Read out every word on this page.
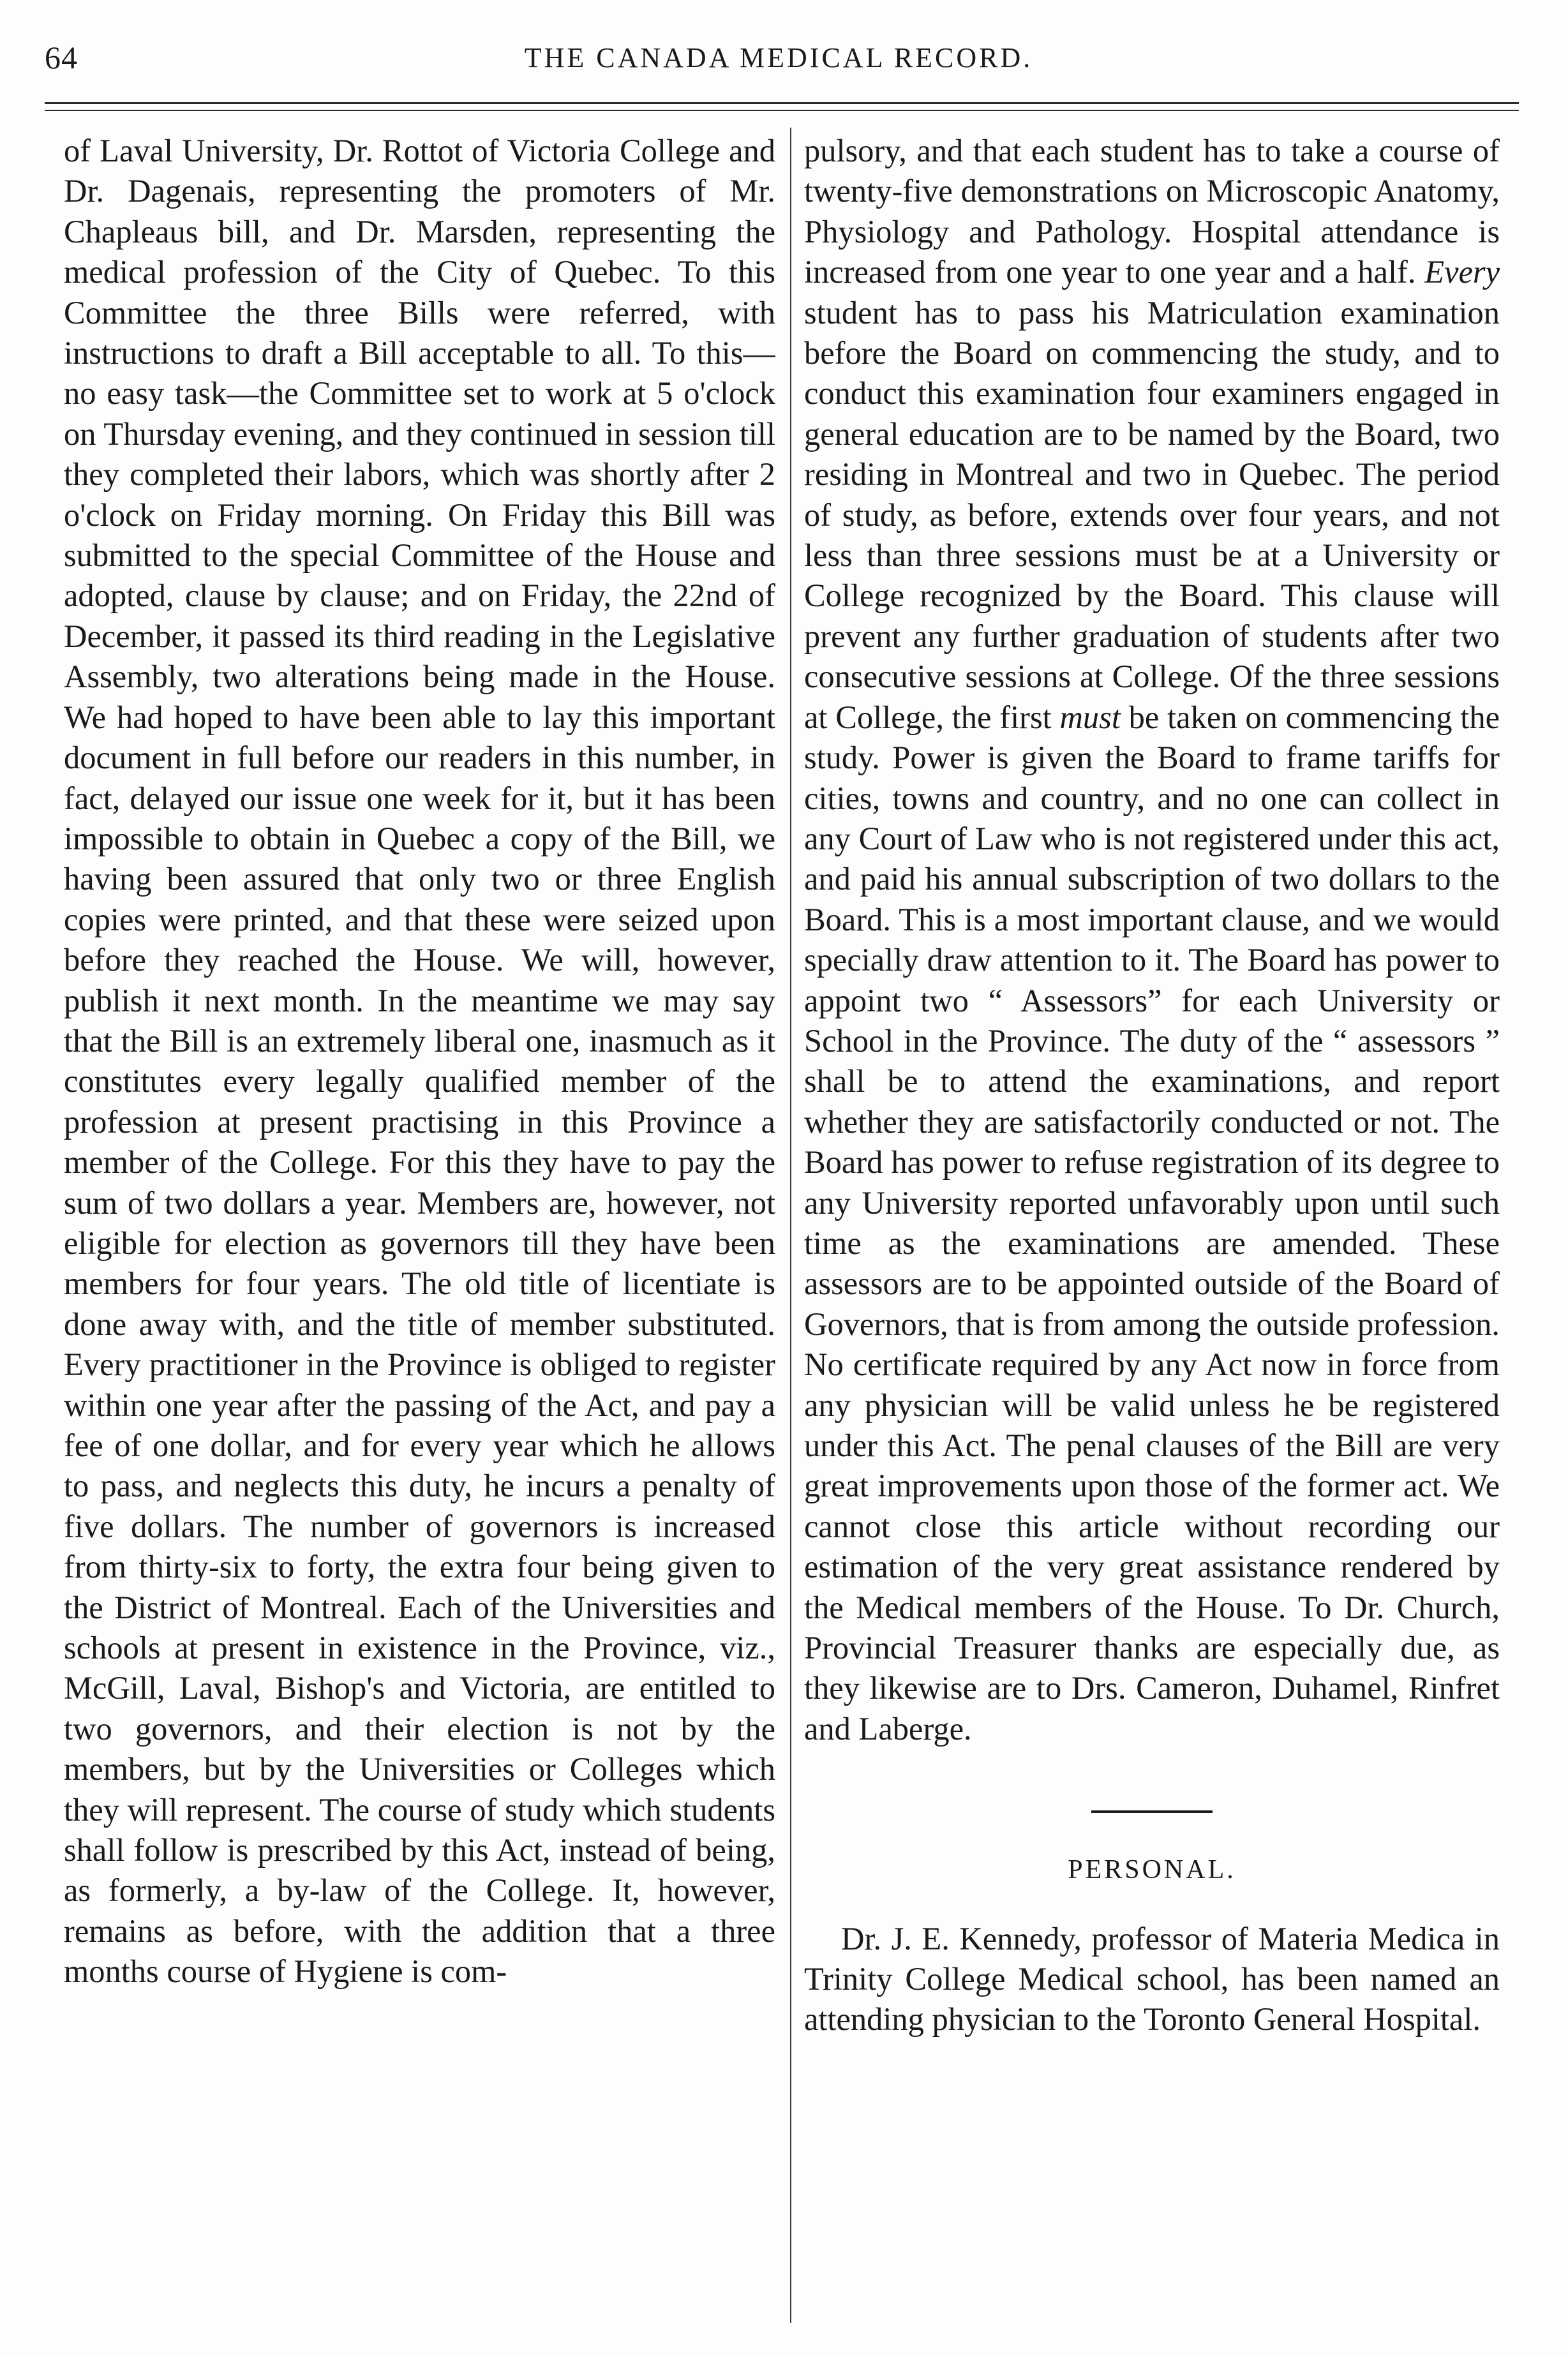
64	THE CANADA MEDICAL RECORD.

of Laval University, Dr. Rottot of Victoria College and Dr. Dagenais, representing the promoters of Mr. Chapleaus bill, and Dr. Marsden, representing the medical profession of the City of Quebec. To this Committee the three Bills were referred, with instructions to draft a Bill acceptable to all. To this—no easy task—the Committee set to work at 5 o'clock on Thursday evening, and they continued in session till they completed their labors, which was shortly after 2 o'clock on Friday morning. On Friday this Bill was submitted to the special Committee of the House and adopted, clause by clause; and on Friday, the 22nd of December, it passed its third reading in the Legislative Assembly, two alterations being made in the House. We had hoped to have been able to lay this important document in full before our readers in this number, in fact, delayed our issue one week for it, but it has been impossible to obtain in Quebec a copy of the Bill, we having been assured that only two or three English copies were printed, and that these were seized upon before they reached the House. We will, however, publish it next month. In the meantime we may say that the Bill is an extremely liberal one, inasmuch as it constitutes every legally qualified member of the profession at present practising in this Province a member of the College. For this they have to pay the sum of two dollars a year. Members are, however, not eligible for election as governors till they have been members for four years. The old title of licentiate is done away with, and the title of member substituted. Every practitioner in the Province is obliged to register within one year after the passing of the Act, and pay a fee of one dollar, and for every year which he allows to pass, and neglects this duty, he incurs a penalty of five dollars. The number of governors is increased from thirty-six to forty, the extra four being given to the District of Montreal. Each of the Universities and schools at present in existence in the Province, viz., McGill, Laval, Bishop's and Victoria, are entitled to two governors, and their election is not by the members, but by the Universities or Colleges which they will represent. The course of study which students shall follow is prescribed by this Act, instead of being, as formerly, a by-law of the College. It, however, remains as before, with the addition that a three months course of Hygiene is com-

pulsory, and that each student has to take a course of twenty-five demonstrations on Microscopic Anatomy, Physiology and Pathology. Hospital attendance is increased from one year to one year and a half. Every student has to pass his Matriculation examination before the Board on commencing the study, and to conduct this examination four examiners engaged in general education are to be named by the Board, two residing in Montreal and two in Quebec. The period of study, as before, extends over four years, and not less than three sessions must be at a University or College recognized by the Board. This clause will prevent any further graduation of students after two consecutive sessions at College. Of the three sessions at College, the first must be taken on commencing the study. Power is given the Board to frame tariffs for cities, towns and country, and no one can collect in any Court of Law who is not registered under this act, and paid his annual subscription of two dollars to the Board. This is a most important clause, and we would specially draw attention to it. The Board has power to appoint two “ Assessors” for each University or School in the Province. The duty of the “ assessors ” shall be to attend the examinations, and report whether they are satisfactorily conducted or not. The Board has power to refuse registration of its degree to any University reported unfavorably upon until such time as the examinations are amended. These assessors are to be appointed outside of the Board of Governors, that is from among the outside profession. No certificate required by any Act now in force from any physician will be valid unless he be registered under this Act. The penal clauses of the Bill are very great improvements upon those of the former act. We cannot close this article without recording our estimation of the very great assistance rendered by the Medical members of the House. To Dr. Church, Provincial Treasurer thanks are especially due, as they likewise are to Drs. Cameron, Duhamel, Rinfret and Laberge.

PERSONAL.

Dr. J. E. Kennedy, professor of Materia Medica in Trinity College Medical school, has been named an attending physician to the Toronto General Hospital.
